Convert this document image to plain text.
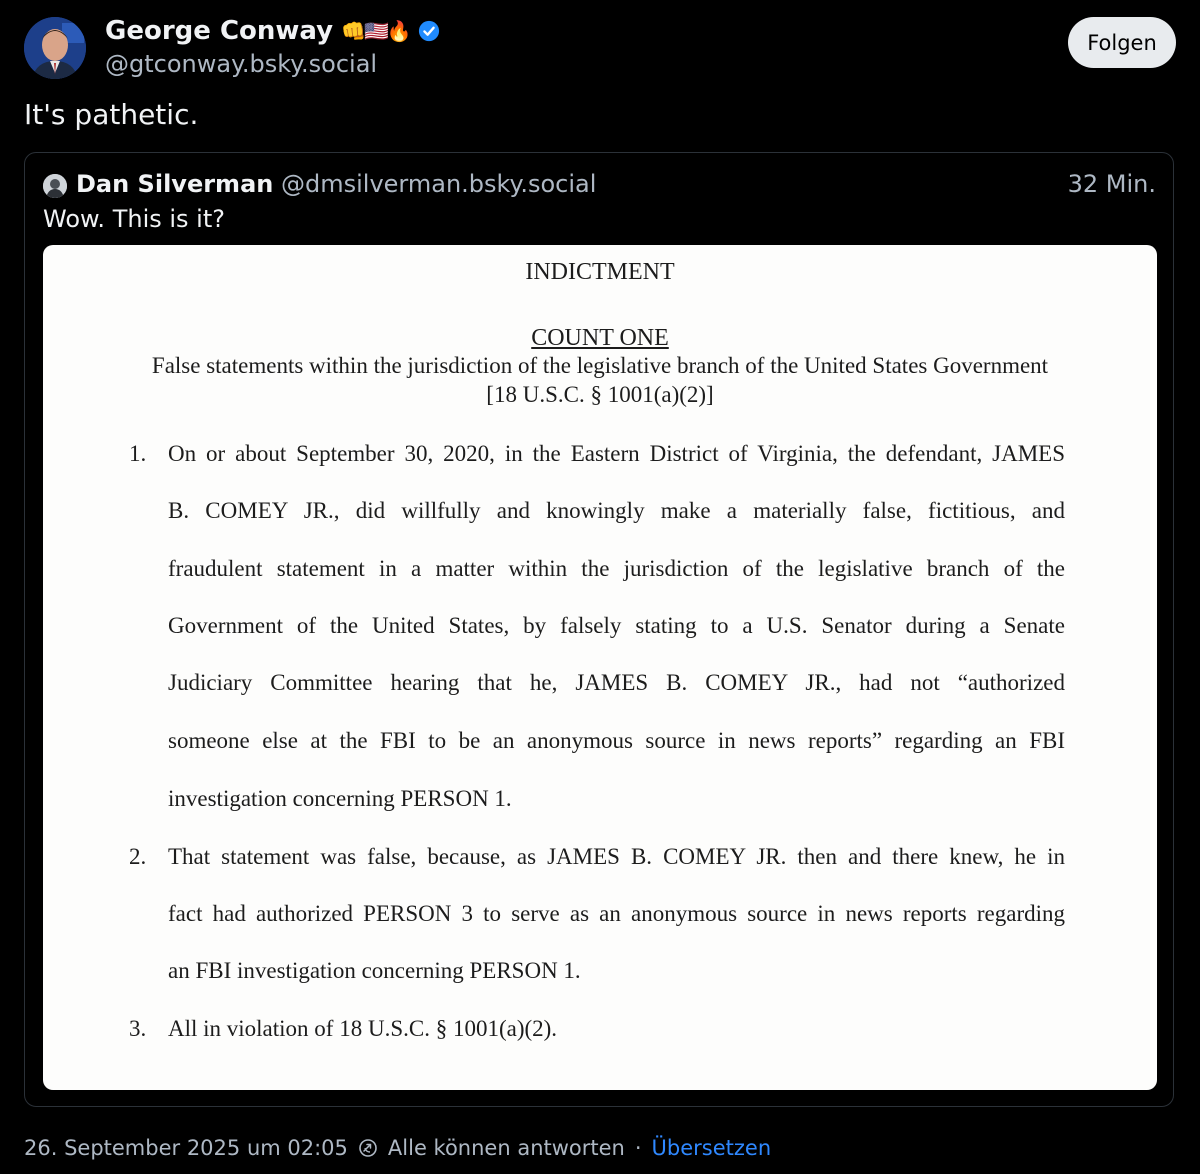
George Conway 👊🇺🇸🔥
@gtconway.bsky.social
Folgen
It's pathetic.
Dan Silverman @dmsilverman.bsky.social	32 Min.
Wow. This is it?
INDICTMENT
COUNT ONE
False statements within the jurisdiction of the legislative branch of the United States Government
[18 U.S.C. § 1001(a)(2)]
1. On or about September 30, 2020, in the Eastern District of Virginia, the defendant, JAMES
B. COMEY JR., did willfully and knowingly make a materially false, fictitious, and
fraudulent statement in a matter within the jurisdiction of the legislative branch of the
Government of the United States, by falsely stating to a U.S. Senator during a Senate
Judiciary Committee hearing that he, JAMES B. COMEY JR., had not “authorized
someone else at the FBI to be an anonymous source in news reports” regarding an FBI
investigation concerning PERSON 1.
2. That statement was false, because, as JAMES B. COMEY JR. then and there knew, he in
fact had authorized PERSON 3 to serve as an anonymous source in news reports regarding
an FBI investigation concerning PERSON 1.
3. All in violation of 18 U.S.C. § 1001(a)(2).
26. September 2025 um 02:05 Alle können antworten · Übersetzen
